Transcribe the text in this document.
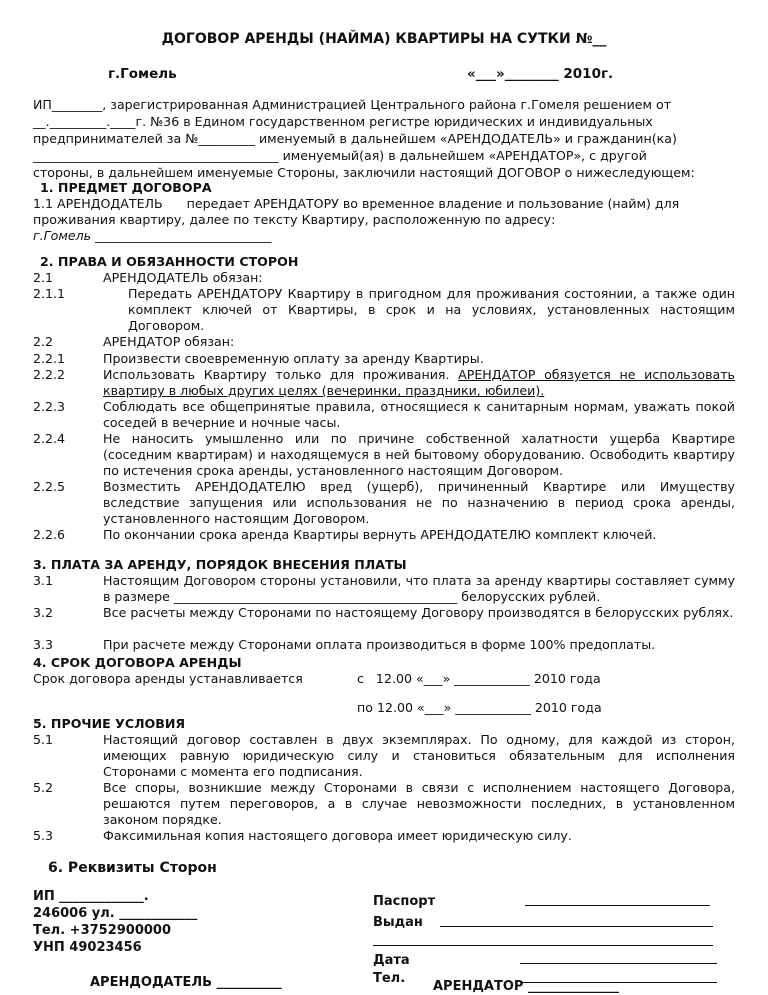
ДОГОВОР АРЕНДЫ (НАЙМА) КВАРТИРЫ НА СУТКИ №__
г.Гомель	«___»________ 2010г.
ИП________, зарегистрированная Администрацией Центрального района г.Гомеля решением от
__._________.____г. №36 в Едином государственном регистре юридических и индивидуальных
предпринимателей за №_________ именуемый в дальнейшем «АРЕНДОДАТЕЛЬ» и гражданин(ка)
_______________________________________ именуемый(ая) в дальнейшем «АРЕНДАТОР», с другой
стороны, в дальнейшем именуемые Стороны, заключили настоящий ДОГОВОР о нижеследующем:
1. ПРЕДМЕТ ДОГОВОРА
1.1 АРЕНДОДАТЕЛЬ      передает АРЕНДАТОРУ во временное владение и пользование (найм) для
проживания квартиру, далее по тексту Квартиру, расположенную по адресу:
г.Гомель ____________________________
2. ПРАВА И ОБЯЗАННОСТИ СТОРОН
2.1	АРЕНДОДАТЕЛЬ обязан:
2.1.1	Передать АРЕНДАТОРУ Квартиру в пригодном для проживания состоянии, а также один комплект ключей от Квартиры, в срок и на условиях, установленных настоящим Договором.
2.2	АРЕНДАТОР обязан:
2.2.1	Произвести своевременную оплату за аренду Квартиры.
2.2.2	Использовать Квартиру только для проживания. АРЕНДАТОР обязуется не использовать квартиру в любых других целях (вечеринки, праздники, юбилеи).
2.2.3	Соблюдать все общепринятые правила, относящиеся к санитарным нормам, уважать покой соседей в вечерние и ночные часы.
2.2.4	Не наносить умышленно или по причине собственной халатности ущерба Квартире (соседним квартирам) и находящемуся в ней бытовому оборудованию. Освободить квартиру по истечения срока аренды, установленного настоящим Договором.
2.2.5	Возместить АРЕНДОДАТЕЛЮ вред (ущерб), причиненный Квартире или Имуществу вследствие запущения или использования не по назначению в период срока аренды, установленного настоящим Договором.
2.2.6	По окончании срока аренда Квартиры вернуть АРЕНДОДАТЕЛЮ комплект ключей.
3. ПЛАТА ЗА АРЕНДУ, ПОРЯДОК ВНЕСЕНИЯ ПЛАТЫ
3.1	Настоящим Договором стороны установили, что плата за аренду квартиры составляет сумму в размере _____________________________________________ белорусских рублей.
3.2	Все расчеты между Сторонами по настоящему Договору производятся в белорусских рублях.
3.3	При расчете между Сторонами оплата производиться в форме 100% предоплаты.
4. СРОК ДОГОВОРА АРЕНДЫ
Срок договора аренды устанавливается	с   12.00 «___» ____________ 2010 года
по 12.00 «___» ____________ 2010 года
5. ПРОЧИЕ УСЛОВИЯ
5.1	Настоящий договор составлен в двух экземплярах. По одному, для каждой из сторон, имеющих равную юридическую силу и становиться обязательным для исполнения Сторонами с момента его подписания.
5.2	Все споры, возникшие между Сторонами в связи с исполнением настоящего Договора, решаются путем переговоров, а в случае невозможности последних, в установленном законом порядке.
5.3	Факсимильная копия настоящего договора имеет юридическую силу.
6. Реквизиты Сторон
ИП _____________.
246006 ул. ____________
Тел. +3752900000
УНП 49023456
Паспорт
Выдан
Дата
Тел.
АРЕНДОДАТЕЛЬ __________	АРЕНДАТОР ______________
